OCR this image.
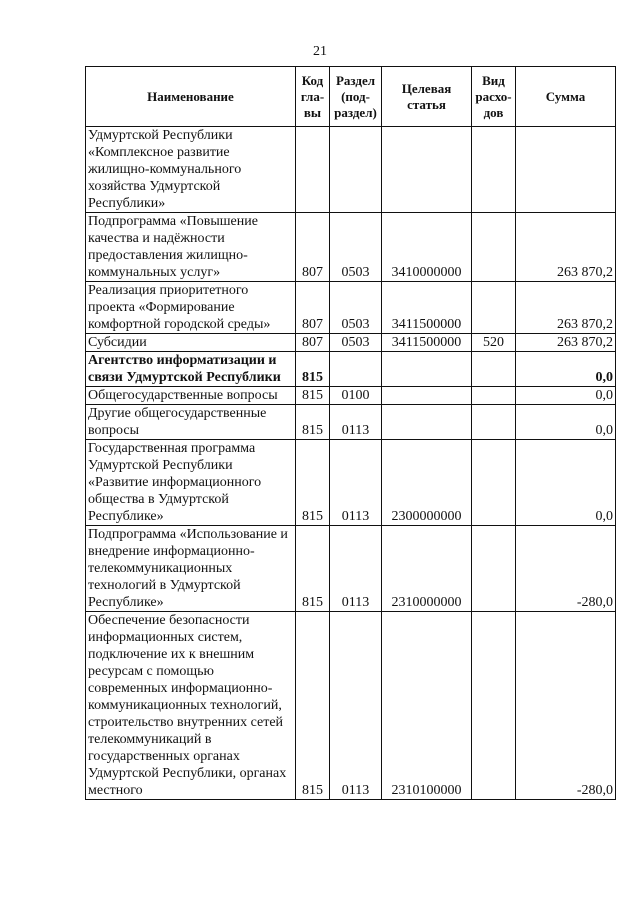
21
Наименование	Код гла- вы	Раздел (под- раздел)	Целевая статья	Вид расхо- дов	Сумма
Удмуртской Республики «Комплексное развитие жилищно-коммунального хозяйства Удмуртской Республики»					
Подпрограмма «Повышение качества и надёжности предоставления жилищно-коммунальных услуг»	807	0503	3410000000		263 870,2
Реализация приоритетного проекта «Формирование комфортной городской среды»	807	0503	3411500000		263 870,2
Субсидии	807	0503	3411500000	520	263 870,2
Агентство информатизации и связи Удмуртской Республики	815				0,0
Общегосударственные вопросы	815	0100			0,0
Другие общегосударственные вопросы	815	0113			0,0
Государственная программа Удмуртской Республики «Развитие информационного общества в Удмуртской Республике»	815	0113	2300000000		0,0
Подпрограмма «Использование и внедрение информационно-телекоммуникационных технологий в Удмуртской Республике»	815	0113	2310000000		-280,0
Обеспечение безопасности информационных систем, подключение их к внешним ресурсам с помощью современных информационно-коммуникационных технологий, строительство внутренних сетей телекоммуникаций в государственных органах Удмуртской Республики, органах местного	815	0113	2310100000		-280,0
